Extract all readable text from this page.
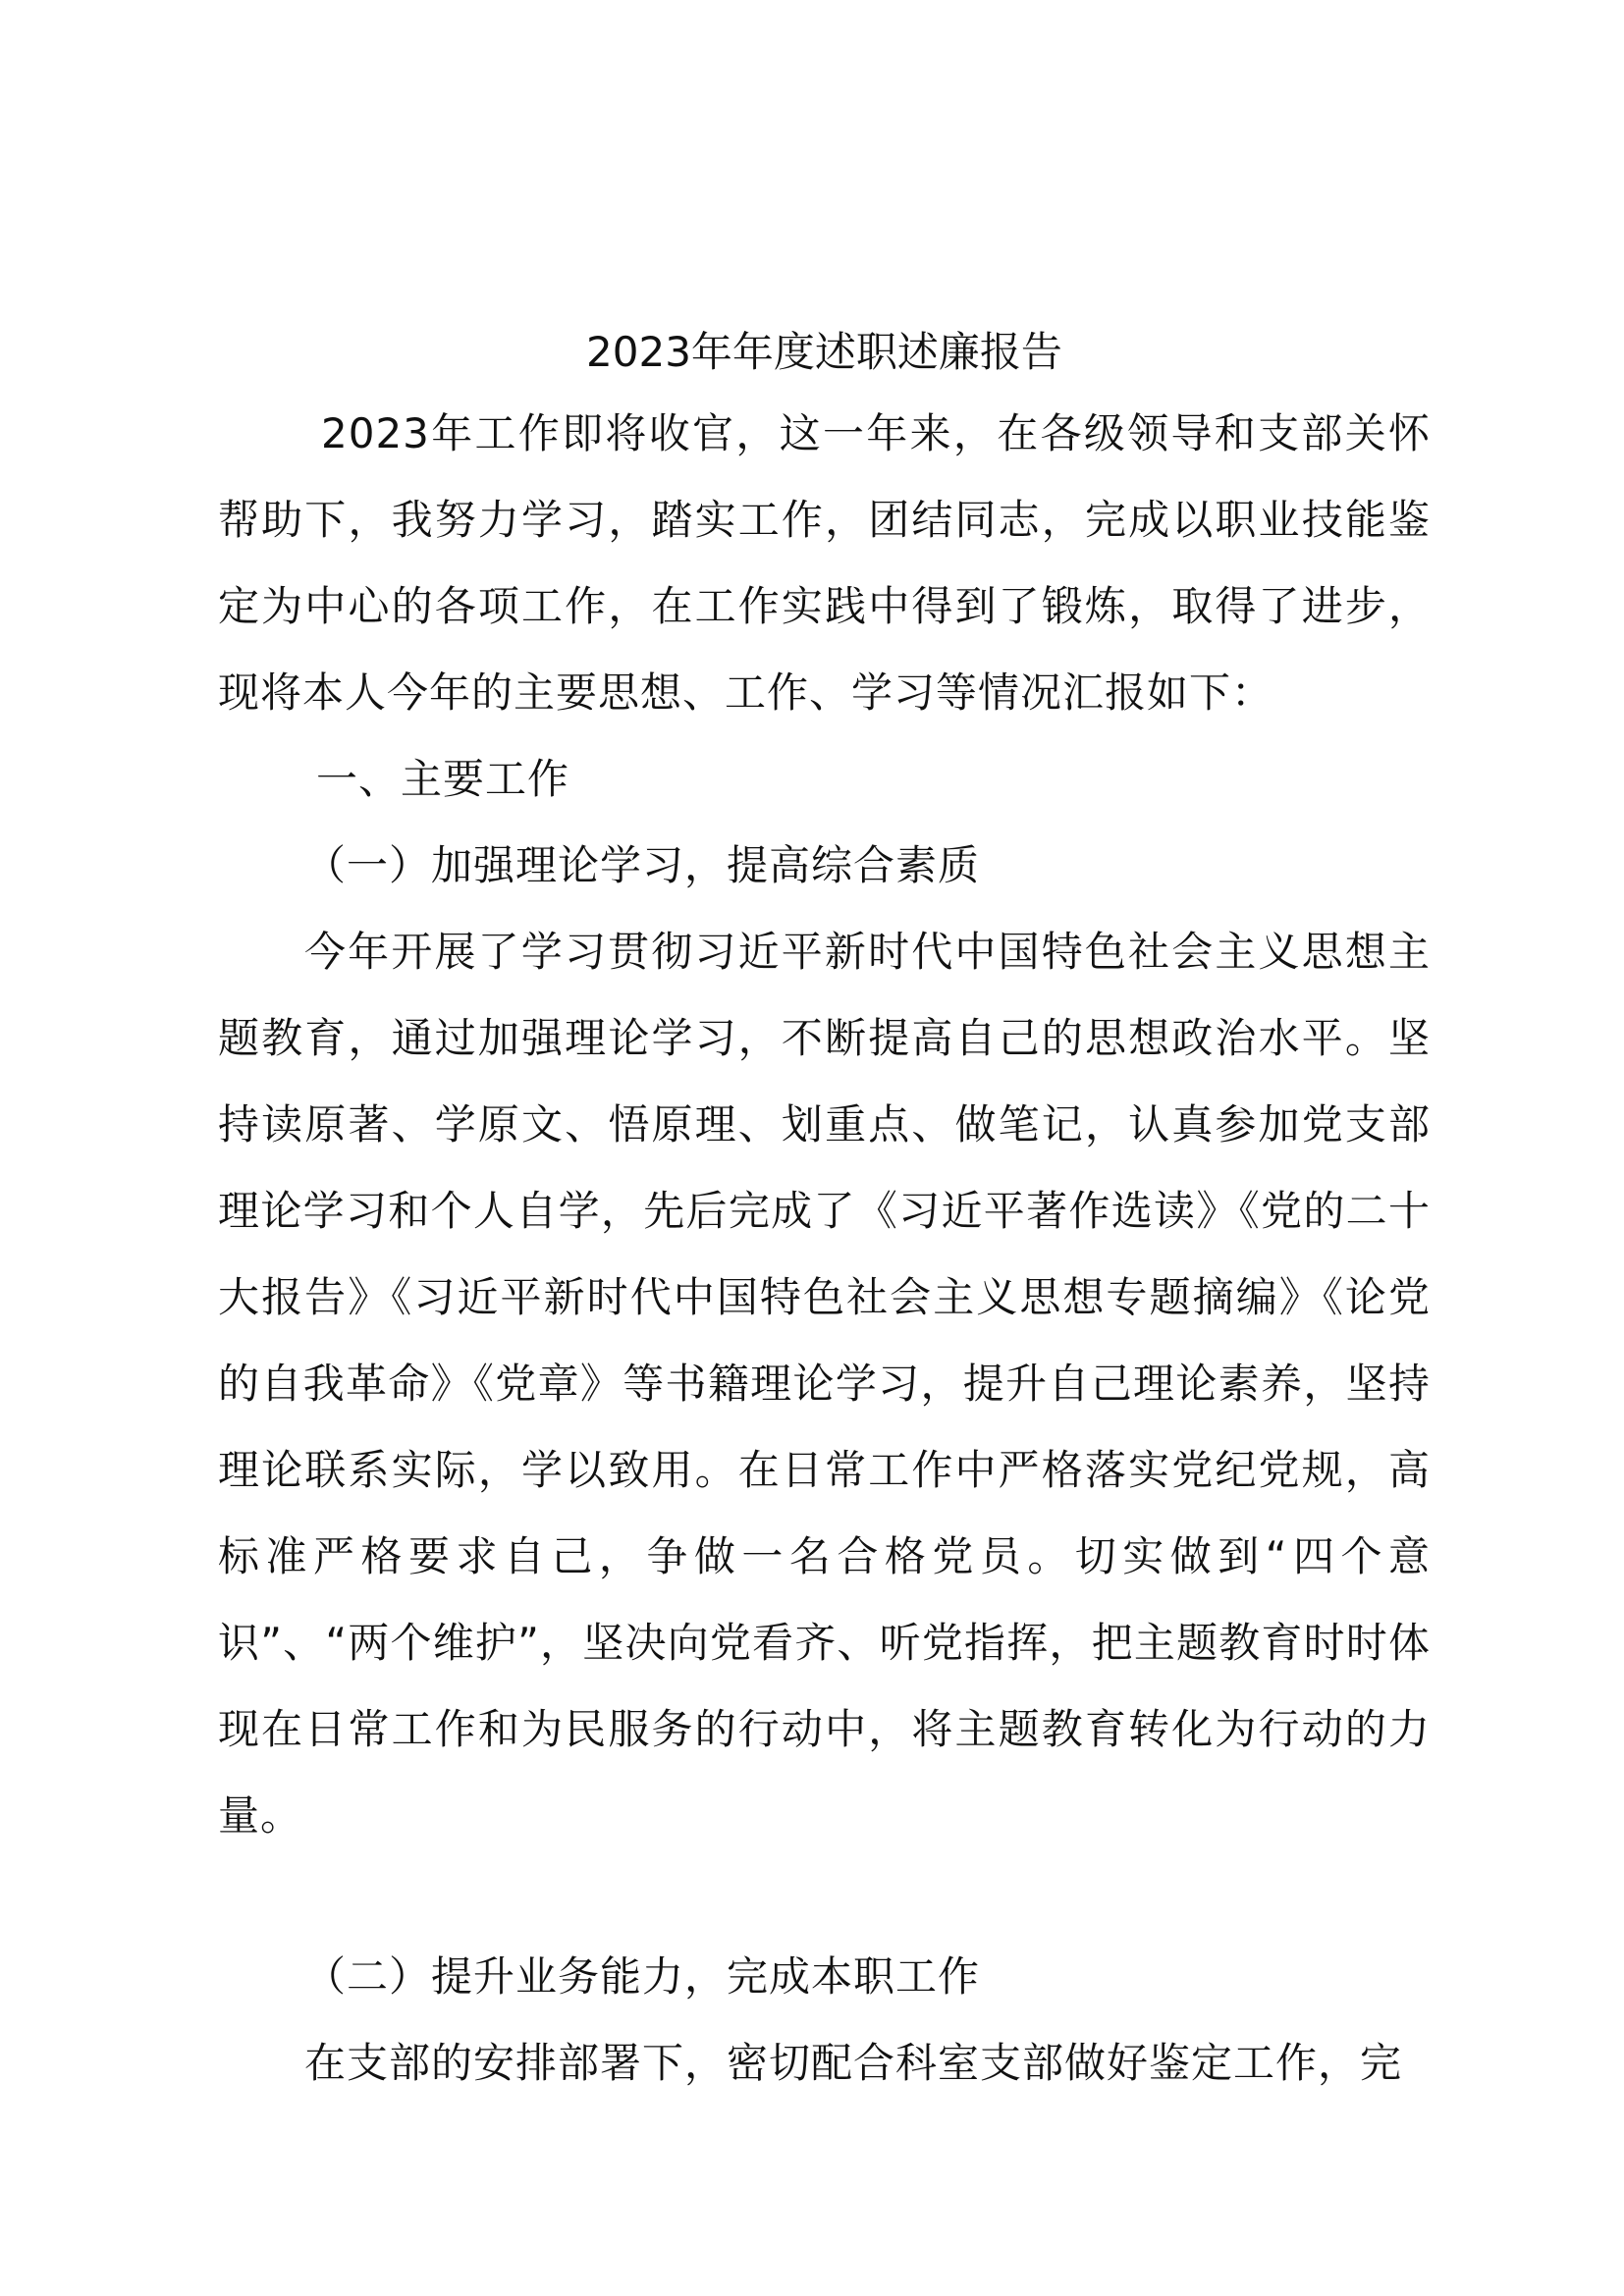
2023年年度述职述廉报告

2023年工作即将收官，这一年来，在各级领导和支部关怀帮助下，我努力学习，踏实工作，团结同志，完成以职业技能鉴定为中心的各项工作，在工作实践中得到了锻炼，取得了进步，现将本人今年的主要思想、工作、学习等情况汇报如下：

一、主要工作
（一）加强理论学习，提高综合素质

今年开展了学习贯彻习近平新时代中国特色社会主义思想主题教育，通过加强理论学习，不断提高自己的思想政治水平。坚持读原著、学原文、悟原理、划重点、做笔记，认真参加党支部理论学习和个人自学，先后完成了《习近平著作选读》《党的二十大报告》《习近平新时代中国特色社会主义思想专题摘编》《论党的自我革命》《党章》等书籍理论学习，提升自己理论素养，坚持理论联系实际，学以致用。在日常工作中严格落实党纪党规，高标准严格要求自己，争做一名合格党员。切实做到“四个意识”、“两个维护”，坚决向党看齐、听党指挥，把主题教育时时体现在日常工作和为民服务的行动中，将主题教育转化为行动的力量。

（二）提升业务能力，完成本职工作

在支部的安排部署下，密切配合科室支部做好鉴定工作，完
